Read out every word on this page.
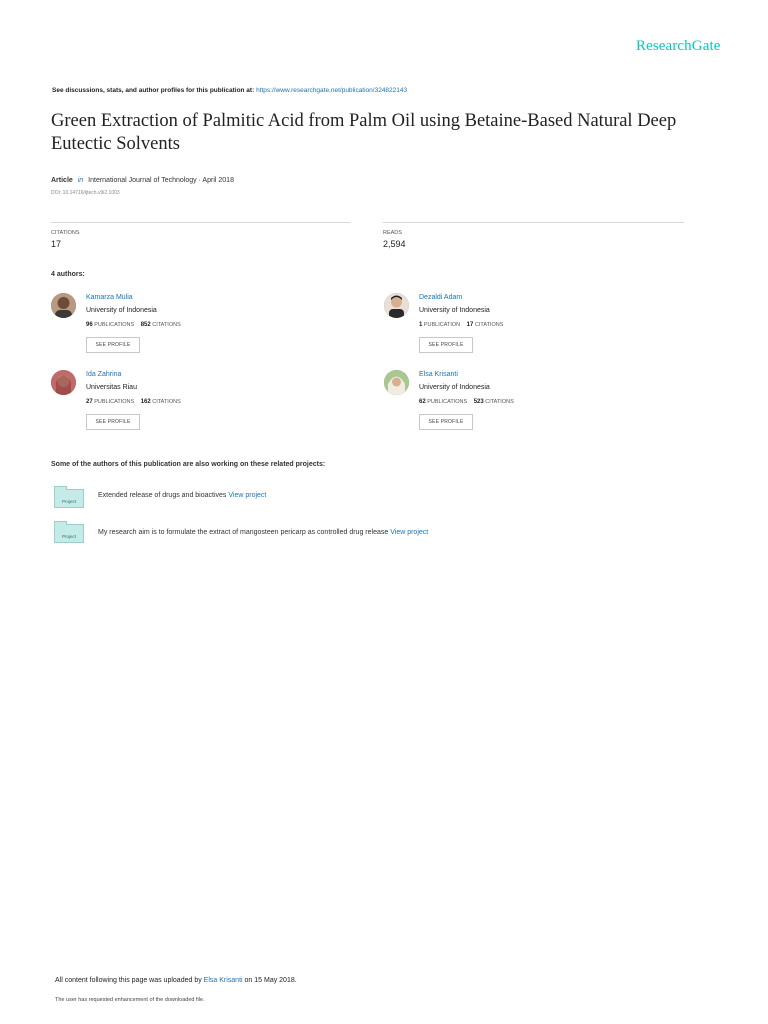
ResearchGate
See discussions, stats, and author profiles for this publication at: https://www.researchgate.net/publication/324822143
Green Extraction of Palmitic Acid from Palm Oil using Betaine-Based Natural Deep Eutectic Solvents
Article in International Journal of Technology · April 2018
DOI: 10.14716/ijtech.v9i2.1003
CITATIONS
17
READS
2,594
4 authors:
Kamarza Mulia
University of Indonesia
96 PUBLICATIONS 852 CITATIONS
SEE PROFILE
Dezaldi Adam
University of Indonesia
1 PUBLICATION 17 CITATIONS
SEE PROFILE
Ida Zahrina
Universitas Riau
27 PUBLICATIONS 162 CITATIONS
SEE PROFILE
Elsa Krisanti
University of Indonesia
62 PUBLICATIONS 523 CITATIONS
SEE PROFILE
Some of the authors of this publication are also working on these related projects:
Project
Extended release of drugs and bioactives View project
Project
My research aim is to formulate the extract of mangosteen pericarp as controlled drug release View project
All content following this page was uploaded by Elsa Krisanti on 15 May 2018.
The user has requested enhancement of the downloaded file.
